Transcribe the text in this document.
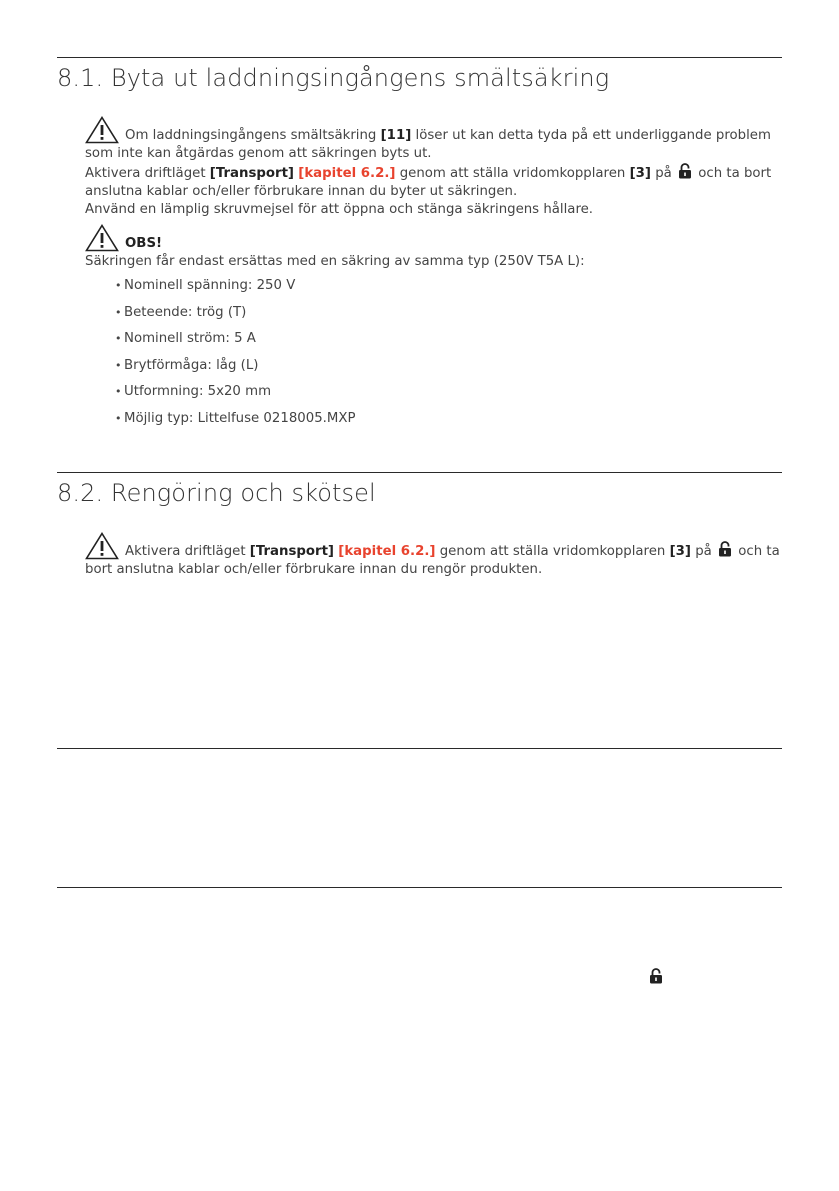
8.1. Byta ut laddningsingångens smältsäkring

Om laddningsingångens smältsäkring [11] löser ut kan detta tyda på ett underliggande problem som inte kan åtgärdas genom att säkringen byts ut.

Aktivera driftläget [Transport] [kapitel 6.2.] genom att ställa vridomkopplaren [3] på  och ta bort anslutna kablar och/eller förbrukare innan du byter ut säkringen.

Använd en lämplig skruvmejsel för att öppna och stänga säkringens hållare.

OBS!

Säkringen får endast ersättas med en säkring av samma typ (250V T5A L):

• Nominell spänning: 250 V
• Beteende: trög (T)
• Nominell ström: 5 A
• Brytförmåga: låg (L)
• Utformning: 5x20 mm
• Möjlig typ: Littelfuse 0218005.MXP
8.2. Rengöring och skötsel

Aktivera driftläget [Transport] [kapitel 6.2.] genom att ställa vridomkopplaren [3] på  och ta bort anslutna kablar och/eller förbrukare innan du rengör produkten.
